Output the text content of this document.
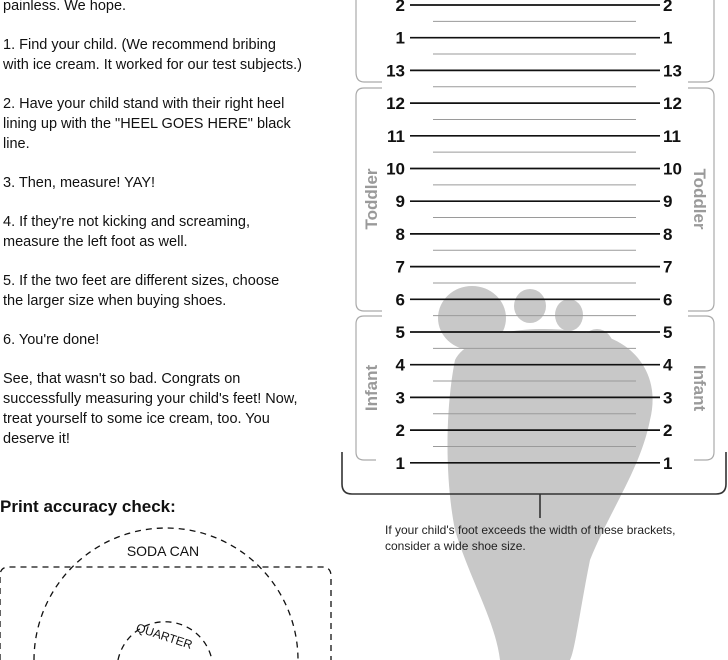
painless. We hope.

1. Find your child. (We recommend bribing with ice cream. It worked for our test subjects.)

2. Have your child stand with their right heel lining up with the "HEEL GOES HERE" black line.

3. Then, measure! YAY!

4. If they're not kicking and screaming, measure the left foot as well.

5. If the two feet are different sizes, choose the larger size when buying shoes.

6. You're done!

See, that wasn't so bad. Congrats on successfully measuring your child's feet! Now, treat yourself to some ice cream, too. You deserve it!

Print accuracy check:
2	2
1	1
13	13
12	12
11	11
10	10
9	9
8	8
7	7
6	6
5	5
4	4
3	3
2	2
1	1
Toddler	Toddler
Infant	Infant
SODA CAN
QUARTER
If your child's foot exceeds the width of these brackets,
consider a wide shoe size.
